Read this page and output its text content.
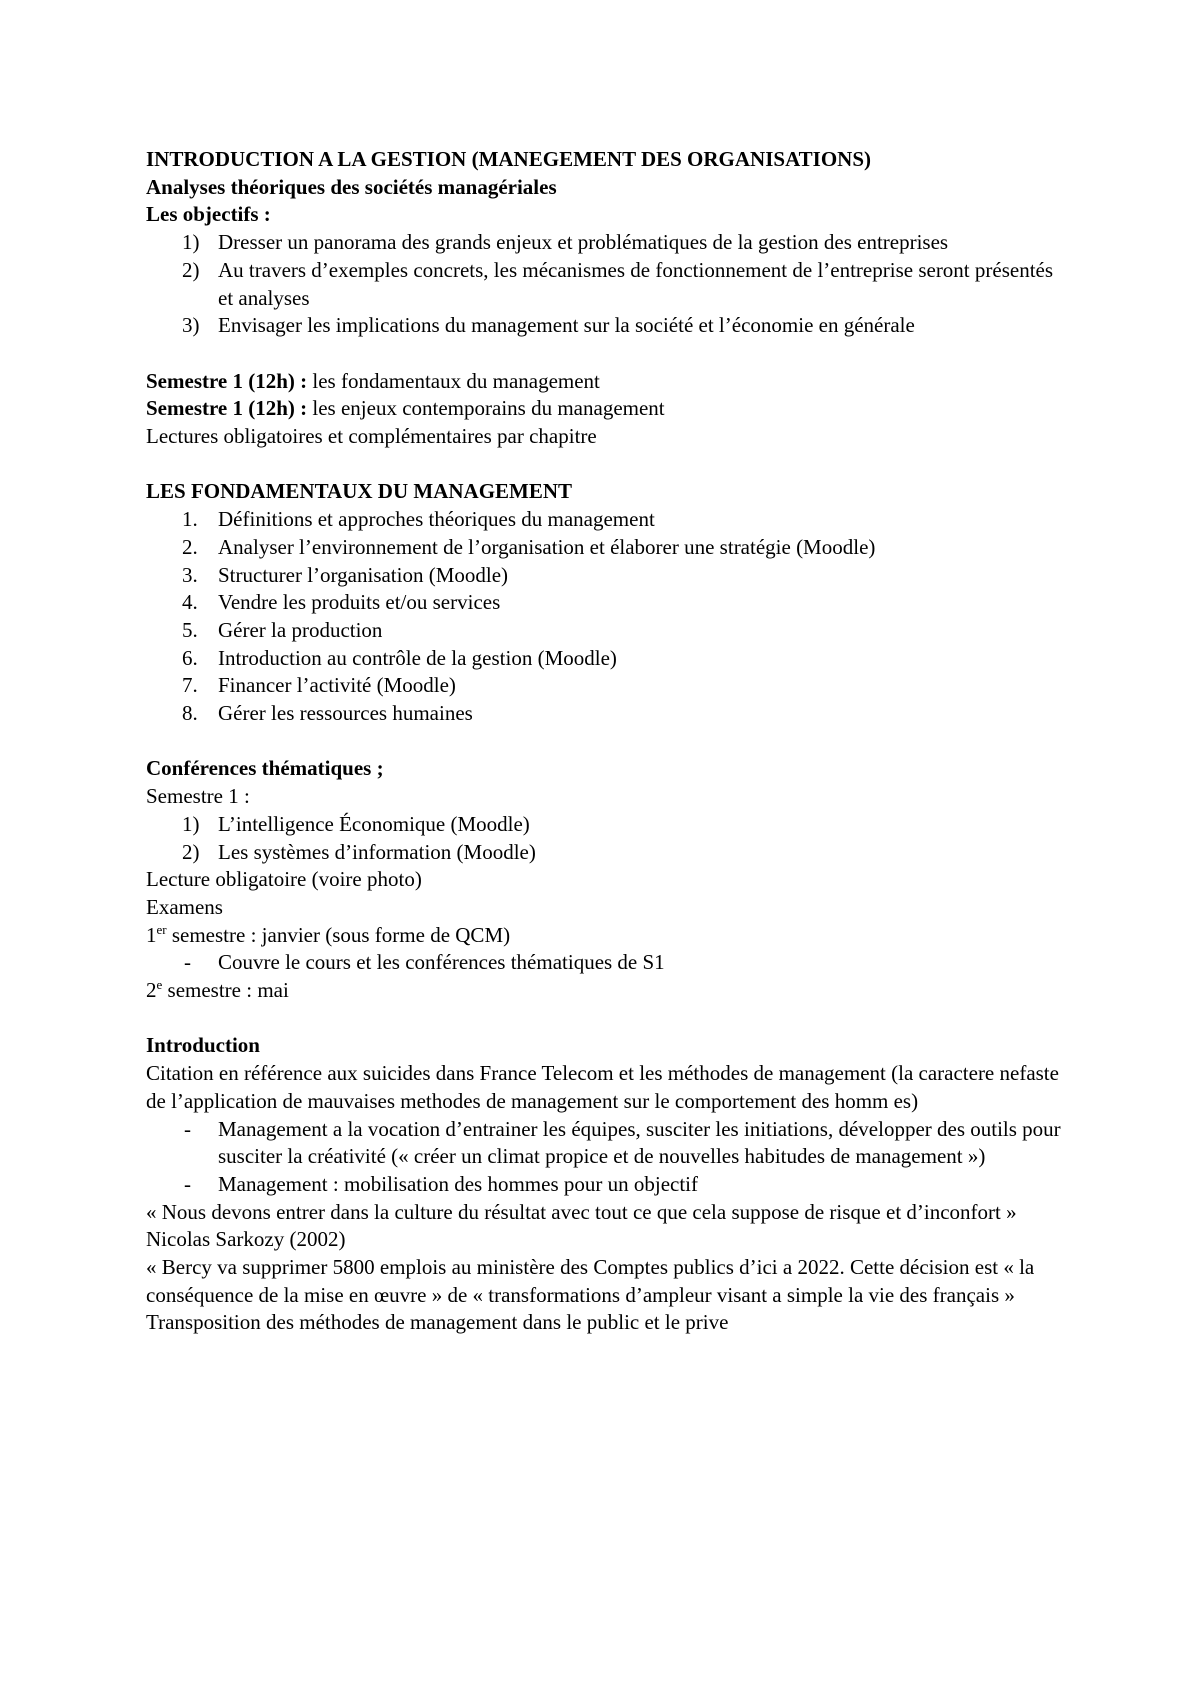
INTRODUCTION A LA GESTION (MANEGEMENT DES ORGANISATIONS)

Analyses théoriques des sociétés managériales

Les objectifs :

1) Dresser un panorama des grands enjeux et problématiques de la gestion des entreprises
2) Au travers d’exemples concrets, les mécanismes de fonctionnement de l’entreprise seront présentés et analyses
3) Envisager les implications du management sur la société et l’économie en générale

Semestre 1 (12h) : les fondamentaux du management

Semestre 1 (12h) : les enjeux contemporains du management

Lectures obligatoires et complémentaires par chapitre

LES FONDAMENTAUX DU MANAGEMENT

1. Définitions et approches théoriques du management
2. Analyser l’environnement de l’organisation et élaborer une stratégie (Moodle)
3. Structurer l’organisation (Moodle)
4. Vendre les produits et/ou services
5. Gérer la production
6. Introduction au contrôle de la gestion (Moodle)
7. Financer l’activité (Moodle)
8. Gérer les ressources humaines

Conférences thématiques ;

Semestre 1 :

1) L’intelligence Économique (Moodle)
2) Les systèmes d’information (Moodle)

Lecture obligatoire (voire photo)

Examens

1er semestre : janvier (sous forme de QCM)

- Couvre le cours et les conférences thématiques de S1

2e semestre : mai

Introduction

Citation en référence aux suicides dans France Telecom et les méthodes de management (la caractere nefaste de l’application de mauvaises methodes de management sur le comportement des homm es)

- Management a la vocation d’entrainer les équipes, susciter les initiations, développer des outils pour susciter la créativité (« créer un climat propice et de nouvelles habitudes de management »)
- Management : mobilisation des hommes pour un objectif

« Nous devons entrer dans la culture du résultat avec tout ce que cela suppose de risque et d’inconfort » Nicolas Sarkozy (2002)

« Bercy va supprimer 5800 emplois au ministère des Comptes publics d’ici a 2022. Cette décision est « la conséquence de la mise en œuvre » de « transformations d’ampleur visant a simple la vie des français »

Transposition des méthodes de management dans le public et le prive
